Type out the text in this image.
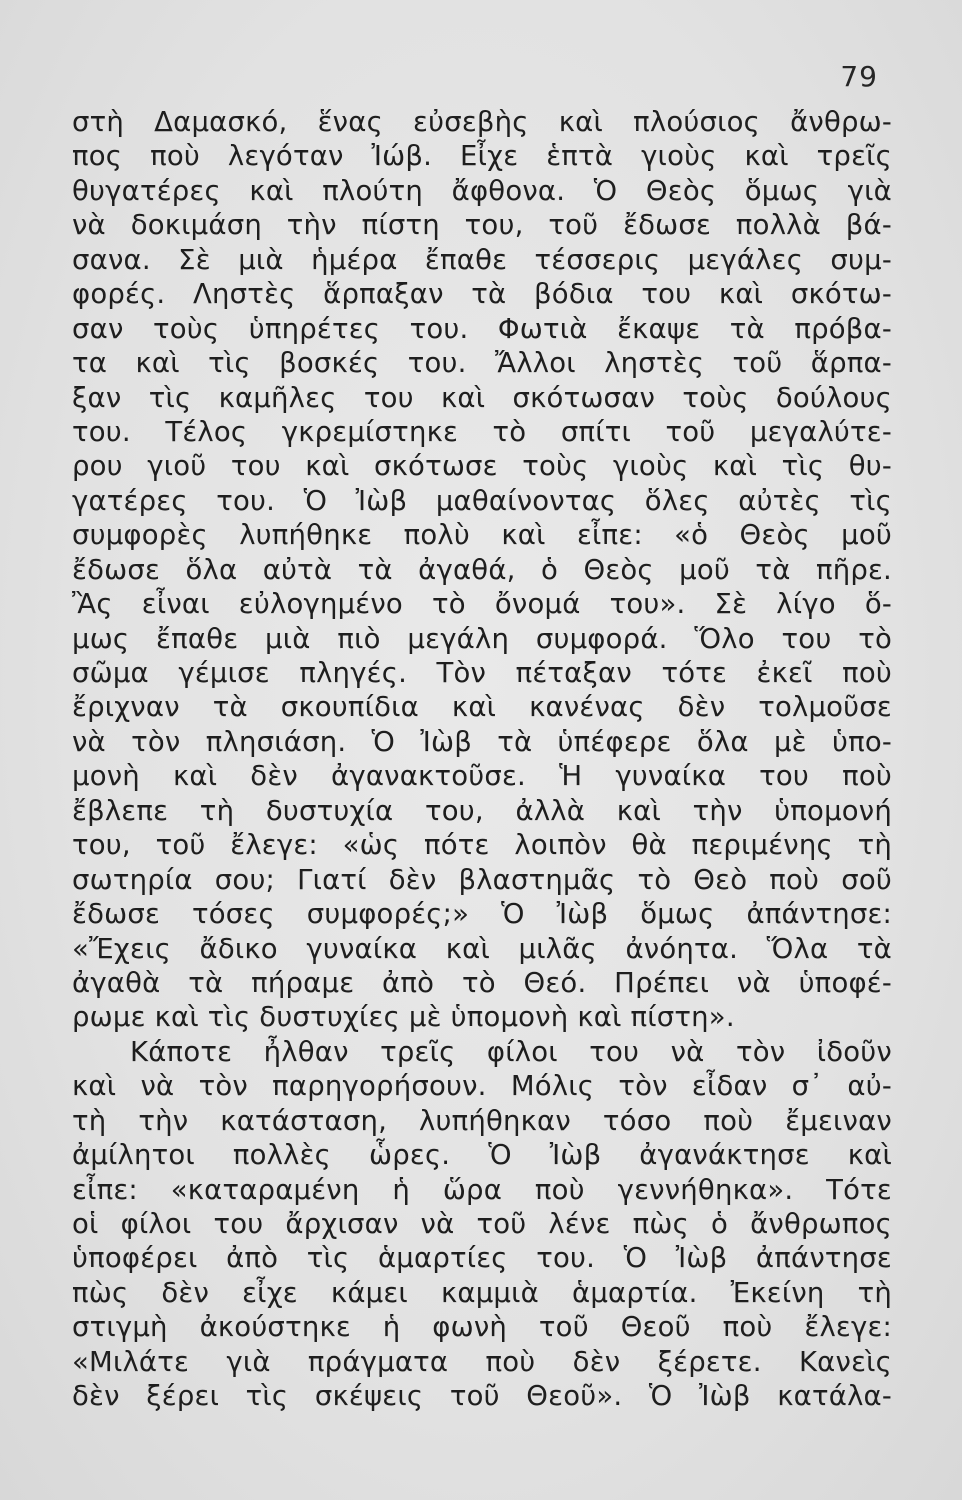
79
στὴ Δαμασκό, ἕνας εὐσεβὴς καὶ πλούσιος ἄνθρω-
πος ποὺ λεγόταν Ἰώβ. Εἶχε ἑπτὰ γιοὺς καὶ τρεῖς
θυγατέρες καὶ πλούτη ἄφθονα. Ὁ Θεὸς ὅμως γιὰ
νὰ δοκιμάση τὴν πίστη του, τοῦ ἔδωσε πολλὰ βά-
σανα. Σὲ μιὰ ἡμέρα ἔπαθε τέσσερις μεγάλες συμ-
φορές. Ληστὲς ἅρπαξαν τὰ βόδια του καὶ σκότω-
σαν τοὺς ὑπηρέτες του. Φωτιὰ ἔκαψε τὰ πρόβα-
τα καὶ τὶς βοσκές του. Ἄλλοι ληστὲς τοῦ ἅρπα-
ξαν τὶς καμῆλες του καὶ σκότωσαν τοὺς δούλους
του. Τέλος γκρεμίστηκε τὸ σπίτι τοῦ μεγαλύτε-
ρου γιοῦ του καὶ σκότωσε τοὺς γιοὺς καὶ τὶς θυ-
γατέρες του. Ὁ Ἰὼβ μαθαίνοντας ὅλες αὐτὲς τὶς
συμφορὲς λυπήθηκε πολὺ καὶ εἶπε: «ὁ Θεὸς μοῦ
ἔδωσε ὅλα αὐτὰ τὰ ἀγαθά, ὁ Θεὸς μοῦ τὰ πῆρε.
Ἂς εἶναι εὐλογημένο τὸ ὄνομά του». Σὲ λίγο ὅ-
μως ἔπαθε μιὰ πιὸ μεγάλη συμφορά. Ὅλο του τὸ
σῶμα γέμισε πληγές. Τὸν πέταξαν τότε ἐκεῖ ποὺ
ἔριχναν τὰ σκουπίδια καὶ κανένας δὲν τολμοῦσε
νὰ τὸν πλησιάση. Ὁ Ἰὼβ τὰ ὑπέφερε ὅλα μὲ ὑπο-
μονὴ καὶ δὲν ἀγανακτοῦσε. Ἡ γυναίκα του ποὺ
ἔβλεπε τὴ δυστυχία του, ἀλλὰ καὶ τὴν ὑπομονή
του, τοῦ ἔλεγε: «ὡς πότε λοιπὸν θὰ περιμένης τὴ
σωτηρία σου; Γιατί δὲν βλαστημᾶς τὸ Θεὸ ποὺ σοῦ
ἔδωσε τόσες συμφορές;» Ὁ Ἰὼβ ὅμως ἀπάντησε:
«Ἔχεις ἄδικο γυναίκα καὶ μιλᾶς ἀνόητα. Ὅλα τὰ
ἀγαθὰ τὰ πήραμε ἀπὸ τὸ Θεό. Πρέπει νὰ ὑποφέ-
ρωμε καὶ τὶς δυστυχίες μὲ ὑπομονὴ καὶ πίστη».
Κάποτε ἦλθαν τρεῖς φίλοι του νὰ τὸν ἰδοῦν
καὶ νὰ τὸν παρηγορήσουν. Μόλις τὸν εἶδαν σ᾽ αὐ-
τὴ τὴν κατάσταση, λυπήθηκαν τόσο ποὺ ἔμειναν
ἀμίλητοι πολλὲς ὧρες. Ὁ Ἰὼβ ἀγανάκτησε καὶ
εἶπε: «καταραμένη ἡ ὥρα ποὺ γεννήθηκα». Τότε
οἱ φίλοι του ἄρχισαν νὰ τοῦ λένε πὼς ὁ ἄνθρωπος
ὑποφέρει ἀπὸ τὶς ἁμαρτίες του. Ὁ Ἰὼβ ἀπάντησε
πὼς δὲν εἶχε κάμει καμμιὰ ἁμαρτία. Ἐκείνη τὴ
στιγμὴ ἀκούστηκε ἡ φωνὴ τοῦ Θεοῦ ποὺ ἔλεγε:
«Μιλάτε γιὰ πράγματα ποὺ δὲν ξέρετε. Κανεὶς
δὲν ξέρει τὶς σκέψεις τοῦ Θεοῦ». Ὁ Ἰὼβ κατάλα-
